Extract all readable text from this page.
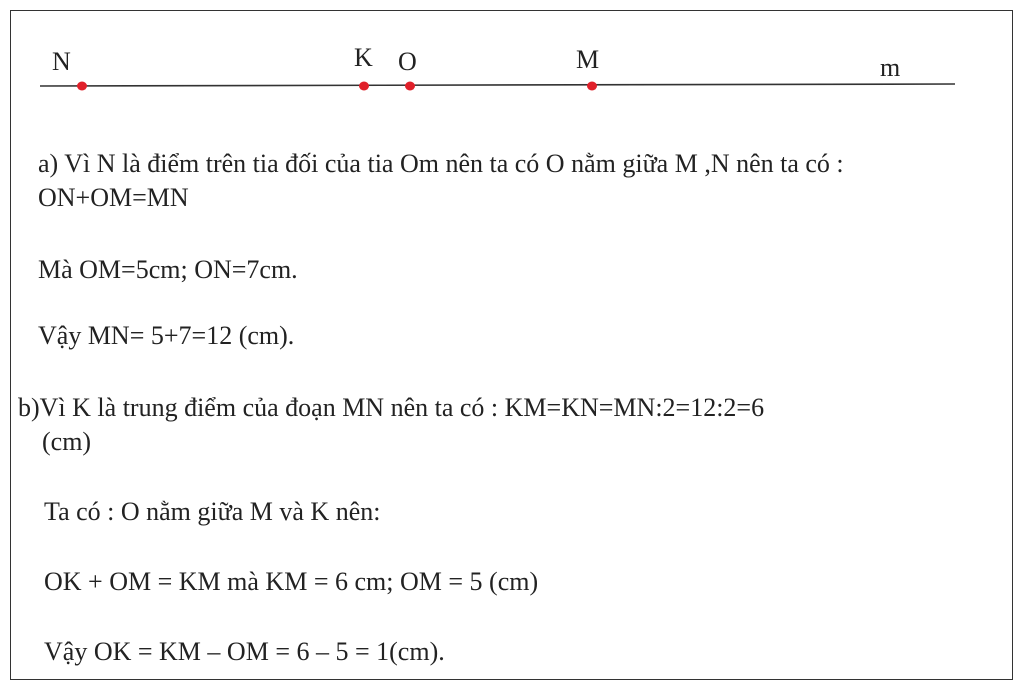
N	K O	M	m
a) Vì N là điểm trên tia đối của tia Om nên ta có O nằm giữa M ,N nên ta có :
ON+OM=MN
Mà OM=5cm; ON=7cm.
Vậy MN= 5+7=12 (cm).
b)Vì K là trung điểm của đoạn MN nên ta có : KM=KN=MN:2=12:2=6
(cm)
Ta có : O nằm giữa M và K nên:
OK + OM = KM mà KM = 6 cm; OM = 5 (cm)
Vậy OK = KM – OM = 6 – 5 = 1(cm).
